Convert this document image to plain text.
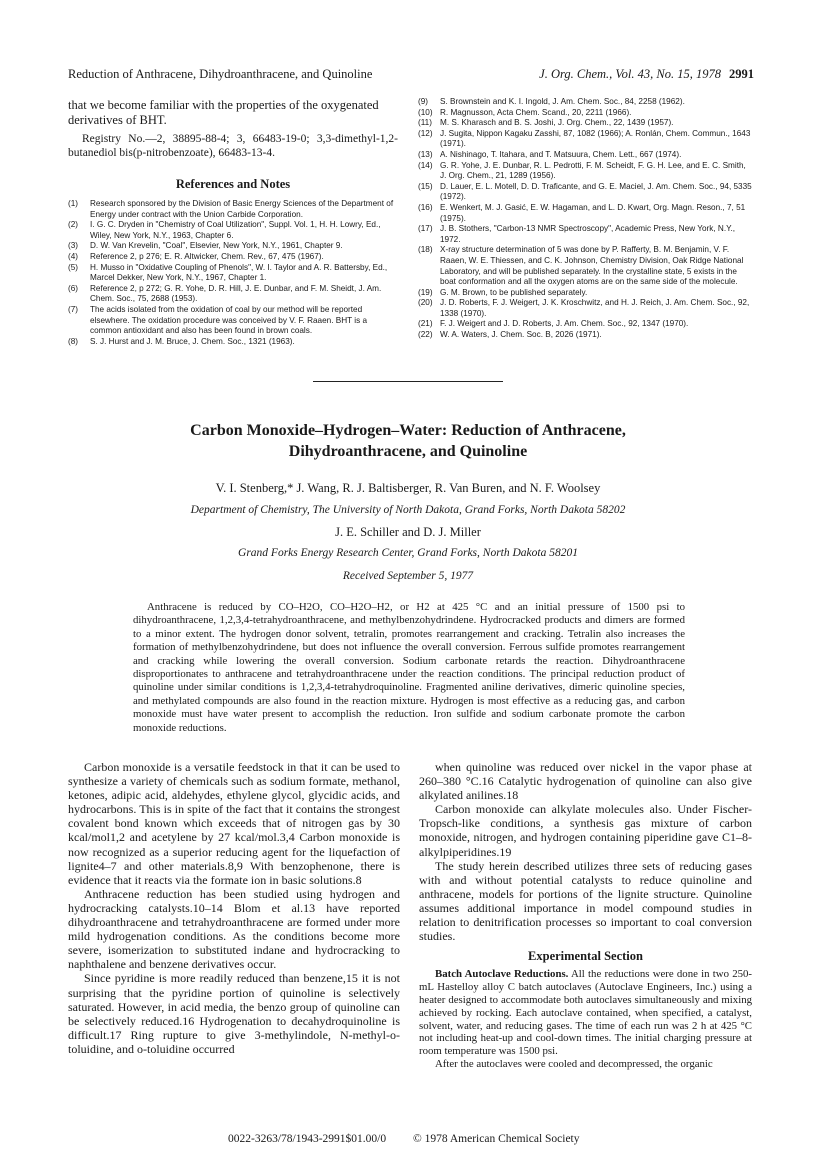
Reduction of Anthracene, Dihydroanthracene, and Quinoline	J. Org. Chem., Vol. 43, No. 15, 1978 2991
that we become familiar with the properties of the oxygenated derivatives of BHT.
Registry No.—2, 38895-88-4; 3, 66483-19-0; 3,3-dimethyl-1,2-butanediol bis(p-nitrobenzoate), 66483-13-4.
References and Notes
(1)	Research sponsored by the Division of Basic Energy Sciences of the Department of Energy under contract with the Union Carbide Corporation.
(2)	I. G. C. Dryden in "Chemistry of Coal Utilization", Suppl. Vol. 1, H. H. Lowry, Ed., Wiley, New York, N.Y., 1963, Chapter 6.
(3)	D. W. Van Krevelin, "Coal", Elsevier, New York, N.Y., 1961, Chapter 9.
(4)	Reference 2, p 276; E. R. Altwicker, Chem. Rev., 67, 475 (1967).
(5)	H. Musso in "Oxidative Coupling of Phenols", W. I. Taylor and A. R. Battersby, Ed., Marcel Dekker, New York, N.Y., 1967, Chapter 1.
(6)	Reference 2, p 272; G. R. Yohe, D. R. Hill, J. E. Dunbar, and F. M. Sheidt, J. Am. Chem. Soc., 75, 2688 (1953).
(7)	The acids isolated from the oxidation of coal by our method will be reported elsewhere. The oxidation procedure was conceived by V. F. Raaen. BHT is a common antioxidant and also has been found in brown coals.
(8)	S. J. Hurst and J. M. Bruce, J. Chem. Soc., 1321 (1963).
(9)	S. Brownstein and K. I. Ingold, J. Am. Chem. Soc., 84, 2258 (1962).
(10) R. Magnusson, Acta Chem. Scand., 20, 2211 (1966).
(11) M. S. Kharasch and B. S. Joshi, J. Org. Chem., 22, 1439 (1957).
(12) J. Sugita, Nippon Kagaku Zasshi, 87, 1082 (1966); A. Ronlán, Chem. Commun., 1643 (1971).
(13) A. Nishinago, T. Itahara, and T. Matsuura, Chem. Lett., 667 (1974).
(14) G. R. Yohe, J. E. Dunbar, R. L. Pedrotti, F. M. Scheidt, F. G. H. Lee, and E. C. Smith, J. Org. Chem., 21, 1289 (1956).
(15) D. Lauer, E. L. Motell, D. D. Traficante, and G. E. Maciel, J. Am. Chem. Soc., 94, 5335 (1972).
(16) E. Wenkert, M. J. Gasić, E. W. Hagaman, and L. D. Kwart, Org. Magn. Reson., 7, 51 (1975).
(17) J. B. Stothers, "Carbon-13 NMR Spectroscopy", Academic Press, New York, N.Y., 1972.
(18) X-ray structure determination of 5 was done by P. Rafferty, B. M. Benjamin, V. F. Raaen, W. E. Thiessen, and C. K. Johnson, Chemistry Division, Oak Ridge National Laboratory, and will be published separately. In the crystalline state, 5 exists in the boat conformation and all the oxygen atoms are on the same side of the molecule.
(19) G. M. Brown, to be published separately.
(20) J. D. Roberts, F. J. Weigert, J. K. Kroschwitz, and H. J. Reich, J. Am. Chem. Soc., 92, 1338 (1970).
(21) F. J. Weigert and J. D. Roberts, J. Am. Chem. Soc., 92, 1347 (1970).
(22) W. A. Waters, J. Chem. Soc. B, 2026 (1971).
Carbon Monoxide–Hydrogen–Water: Reduction of Anthracene,
Dihydroanthracene, and Quinoline
V. I. Stenberg,* J. Wang, R. J. Baltisberger, R. Van Buren, and N. F. Woolsey
Department of Chemistry, The University of North Dakota, Grand Forks, North Dakota 58202
J. E. Schiller and D. J. Miller
Grand Forks Energy Research Center, Grand Forks, North Dakota 58201
Received September 5, 1977
Anthracene is reduced by CO–H2O, CO–H2O–H2, or H2 at 425 °C and an initial pressure of 1500 psi to dihydroanthracene, 1,2,3,4-tetrahydroanthracene, and methylbenzohydrindene. Hydrocracked products and dimers are formed to a minor extent. The hydrogen donor solvent, tetralin, promotes rearrangement and cracking. Tetralin also increases the formation of methylbenzohydrindene, but does not influence the overall conversion. Ferrous sulfide promotes rearrangement and cracking while lowering the overall conversion. Sodium carbonate retards the reaction. Dihydroanthracene disproportionates to anthracene and tetrahydroanthracene under the reaction conditions. The principal reduction product of quinoline under similar conditions is 1,2,3,4-tetrahydroquinoline. Fragmented aniline derivatives, dimeric quinoline species, and methylated compounds are also found in the reaction mixture. Hydrogen is most effective as a reducing gas, and carbon monoxide must have water present to accomplish the reduction. Iron sulfide and sodium carbonate promote the carbon monoxide reductions.

Carbon monoxide is a versatile feedstock in that it can be used to synthesize a variety of chemicals such as sodium formate, methanol, ketones, adipic acid, aldehydes, ethylene glycol, glycidic acids, and hydrocarbons. This is in spite of the fact that it contains the strongest covalent bond known which exceeds that of nitrogen gas by 30 kcal/mol1,2 and acetylene by 27 kcal/mol.3,4 Carbon monoxide is now recognized as a superior reducing agent for the liquefaction of lignite4–7 and other materials.8,9 With benzophenone, there is evidence that it reacts via the formate ion in basic solutions.8

Anthracene reduction has been studied using hydrogen and hydrocracking catalysts.10–14 Blom et al.13 have reported dihydroanthracene and tetrahydroanthracene are formed under more mild hydrogenation conditions. As the conditions become more severe, isomerization to substituted indane and hydrocracking to naphthalene and benzene derivatives occur.

Since pyridine is more readily reduced than benzene,15 it is not surprising that the pyridine portion of quinoline is selectively saturated. However, in acid media, the benzo group of quinoline can be selectively reduced.16 Hydrogenation to decahydroquinoline is difficult.17 Ring rupture to give 3-methylindole, N-methyl-o-toluidine, and o-toluidine occurred

when quinoline was reduced over nickel in the vapor phase at 260–380 °C.16 Catalytic hydrogenation of quinoline can also give alkylated anilines.18

Carbon monoxide can alkylate molecules also. Under Fischer-Tropsch-like conditions, a synthesis gas mixture of carbon monoxide, nitrogen, and hydrogen containing piperidine gave C1–8-alkylpiperidines.19

The study herein described utilizes three sets of reducing gases with and without potential catalysts to reduce quinoline and anthracene, models for portions of the lignite structure. Quinoline assumes additional importance in model compound studies in relation to denitrification processes so important to coal conversion studies.

Experimental Section

Batch Autoclave Reductions. All the reductions were done in two 250-mL Hastelloy alloy C batch autoclaves (Autoclave Engineers, Inc.) using a heater designed to accommodate both autoclaves simultaneously and mixing achieved by rocking. Each autoclave contained, when specified, a catalyst, solvent, water, and reducing gases. The time of each run was 2 h at 425 °C not including heat-up and cool-down times. The initial charging pressure at room temperature was 1500 psi.

After the autoclaves were cooled and decompressed, the organic

0022-3263/78/1943-2991$01.00/0 © 1978 American Chemical Society
